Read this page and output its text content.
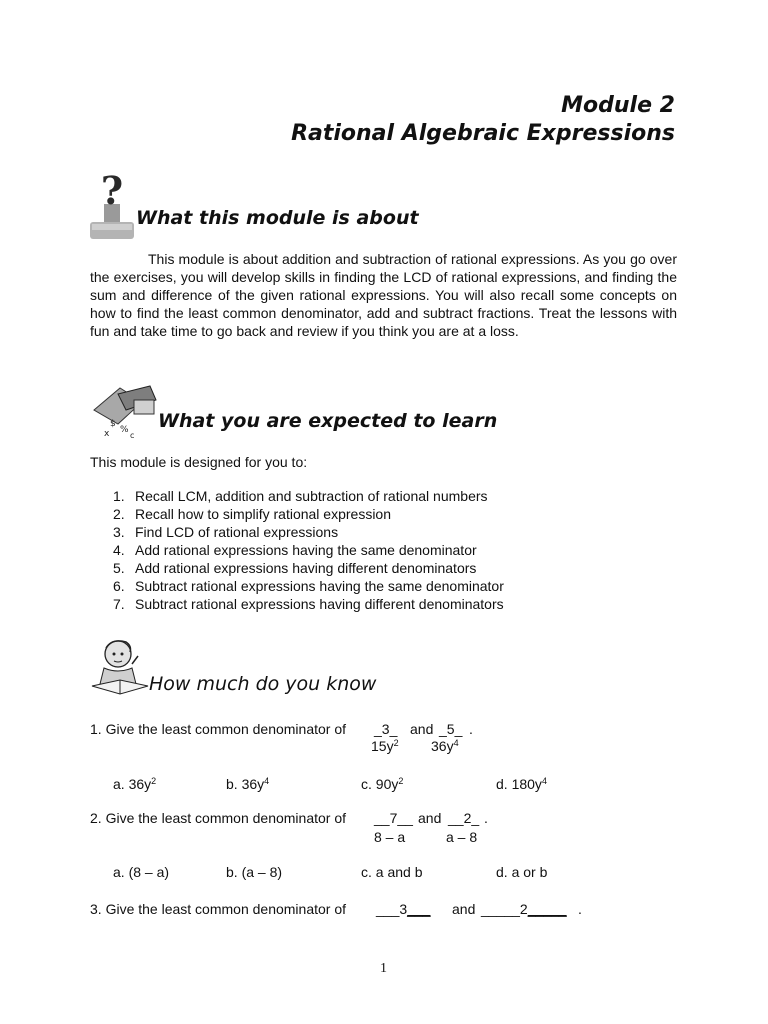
Module 2
Rational Algebraic Expressions
?
What this module is about
This module is about addition and subtraction of rational expressions. As you go over the exercises, you will develop skills in finding the LCD of rational expressions, and finding the sum and difference of the given rational expressions. You will also recall some concepts on how to find the least common denominator, add and subtract fractions. Treat the lessons with fun and take time to go back and review if you think you are at a loss.
$
%
x	c
What you are expected to learn
This module is designed for you to:
1. Recall LCM, addition and subtraction of rational numbers
2. Recall how to simplify rational expression
3. Find LCD of rational expressions
4. Add rational expressions having the same denominator
5. Add rational expressions having different denominators
6. Subtract rational expressions having the same denominator
7. Subtract rational expressions having different denominators
How much do you know
1. Give the least common denominator of _3_ and _5_ .
$15y^2$ $36y^4$
a. $36y^2$	b. $36y^4$	c. $90y^2$	d. $180y^4$
2. Give the least common denominator of __7__ and __2_ .
8 – a	a – 8
a. (8 – a)	b. (a – 8)	c. a and b	d. a or b
3. Give the least common denominator of ___3___ and _____2_____ .
1
